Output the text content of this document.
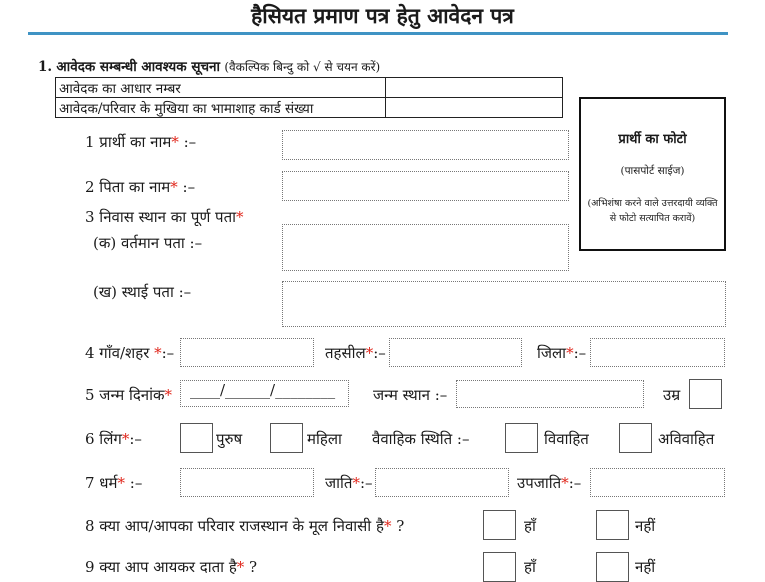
हैसियत प्रमाण पत्र हेतु आवेदन पत्र
1. आवेदक सम्बन्धी आवश्यक सूचना (वैकल्पिक बिन्दु को √ से चयन करें)
आवेदक का आधार नम्बर	
आवेदक/परिवार के मुखिया का भामाशाह कार्ड संख्या	
प्रार्थी का फोटो
(पासपोर्ट साईज)
(अभिशंषा करने वाले उत्तरदायी व्यक्ति से फोटो सत्यापित करावें)
1 प्रार्थी का नाम* :–
2 पिता का नाम* :–
3 निवास स्थान का पूर्ण पता*
(क) वर्तमान पता :–
(ख) स्थाई पता :–
4 गाँव/शहर *:–	तहसील*:–	जिला*:–
5 जन्म दिनांक* ____/______/________	जन्म स्थान :–	उम्र
6 लिंग*:–	पुरुष	महिला वैवाहिक स्थिति :–	विवाहित	अविवाहित
7 धर्म* :–	जाति*:–	उपजाति*:–
8 क्या आप/आपका परिवार राजस्थान के मूल निवासी है* ?	हाँ	नहीं
9 क्या आप आयकर दाता है* ?	हाँ	नहीं
